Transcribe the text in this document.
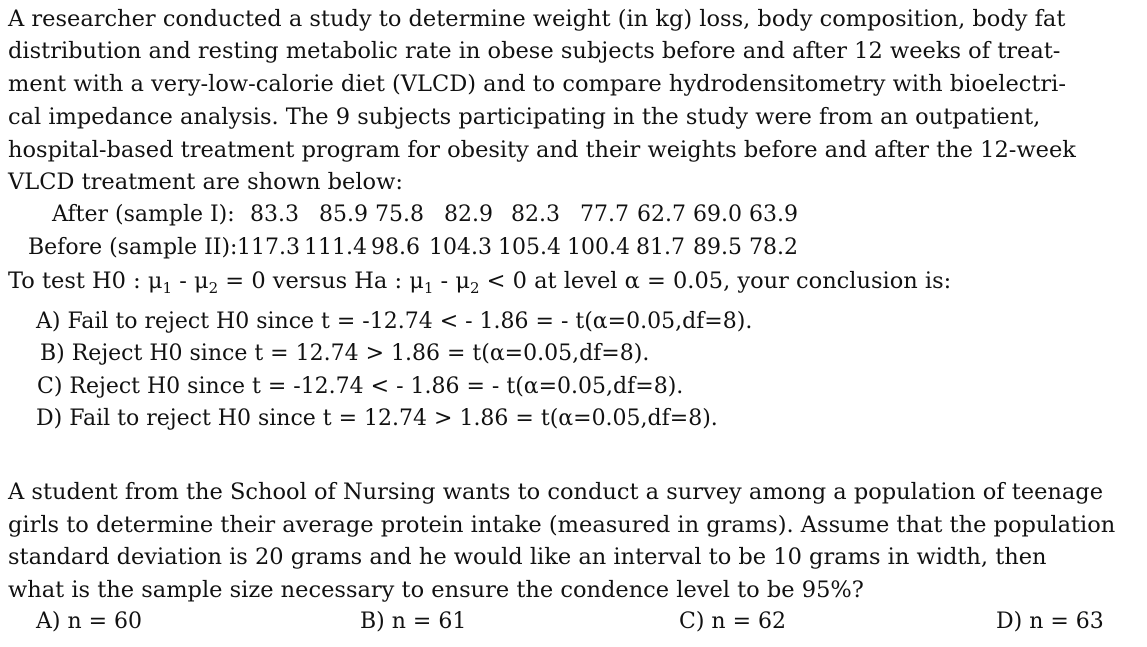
A researcher conducted a study to determine weight (in kg) loss, body composition, body fat
distribution and resting metabolic rate in obese subjects before and after 12 weeks of treat-
ment with a very-low-calorie diet (VLCD) and to compare hydrodensitometry with bioelectri-
cal impedance analysis. The 9 subjects participating in the study were from an outpatient,
hospital-based treatment program for obesity and their weights before and after the 12-week
VLCD treatment are shown below:
After (sample I): 83.3 85.9 75.8 82.9 82.3 77.7 62.7 69.0 63.9
Before (sample II): 117.3 111.4 98.6 104.3 105.4 100.4 81.7 89.5 78.2
To test H0 : $\mu_1 - \mu_2 = 0$ versus Ha : $\mu_1 - \mu_2 < 0$ at level α = 0.05, your conclusion is:
A) Fail to reject H0 since t = -12.74 < - 1.86 = - t(α=0.05,df=8).
B) Reject H0 since t = 12.74 > 1.86 = t(α=0.05,df=8).
C) Reject H0 since t = -12.74 < - 1.86 = - t(α=0.05,df=8).
D) Fail to reject H0 since t = 12.74 > 1.86 = t(α=0.05,df=8).
A student from the School of Nursing wants to conduct a survey among a population of teenage
girls to determine their average protein intake (measured in grams). Assume that the population
standard deviation is 20 grams and he would like an interval to be 10 grams in width, then
what is the sample size necessary to ensure the condence level to be 95%?
A) n = 60	B) n = 61	C) n = 62	D) n = 63
